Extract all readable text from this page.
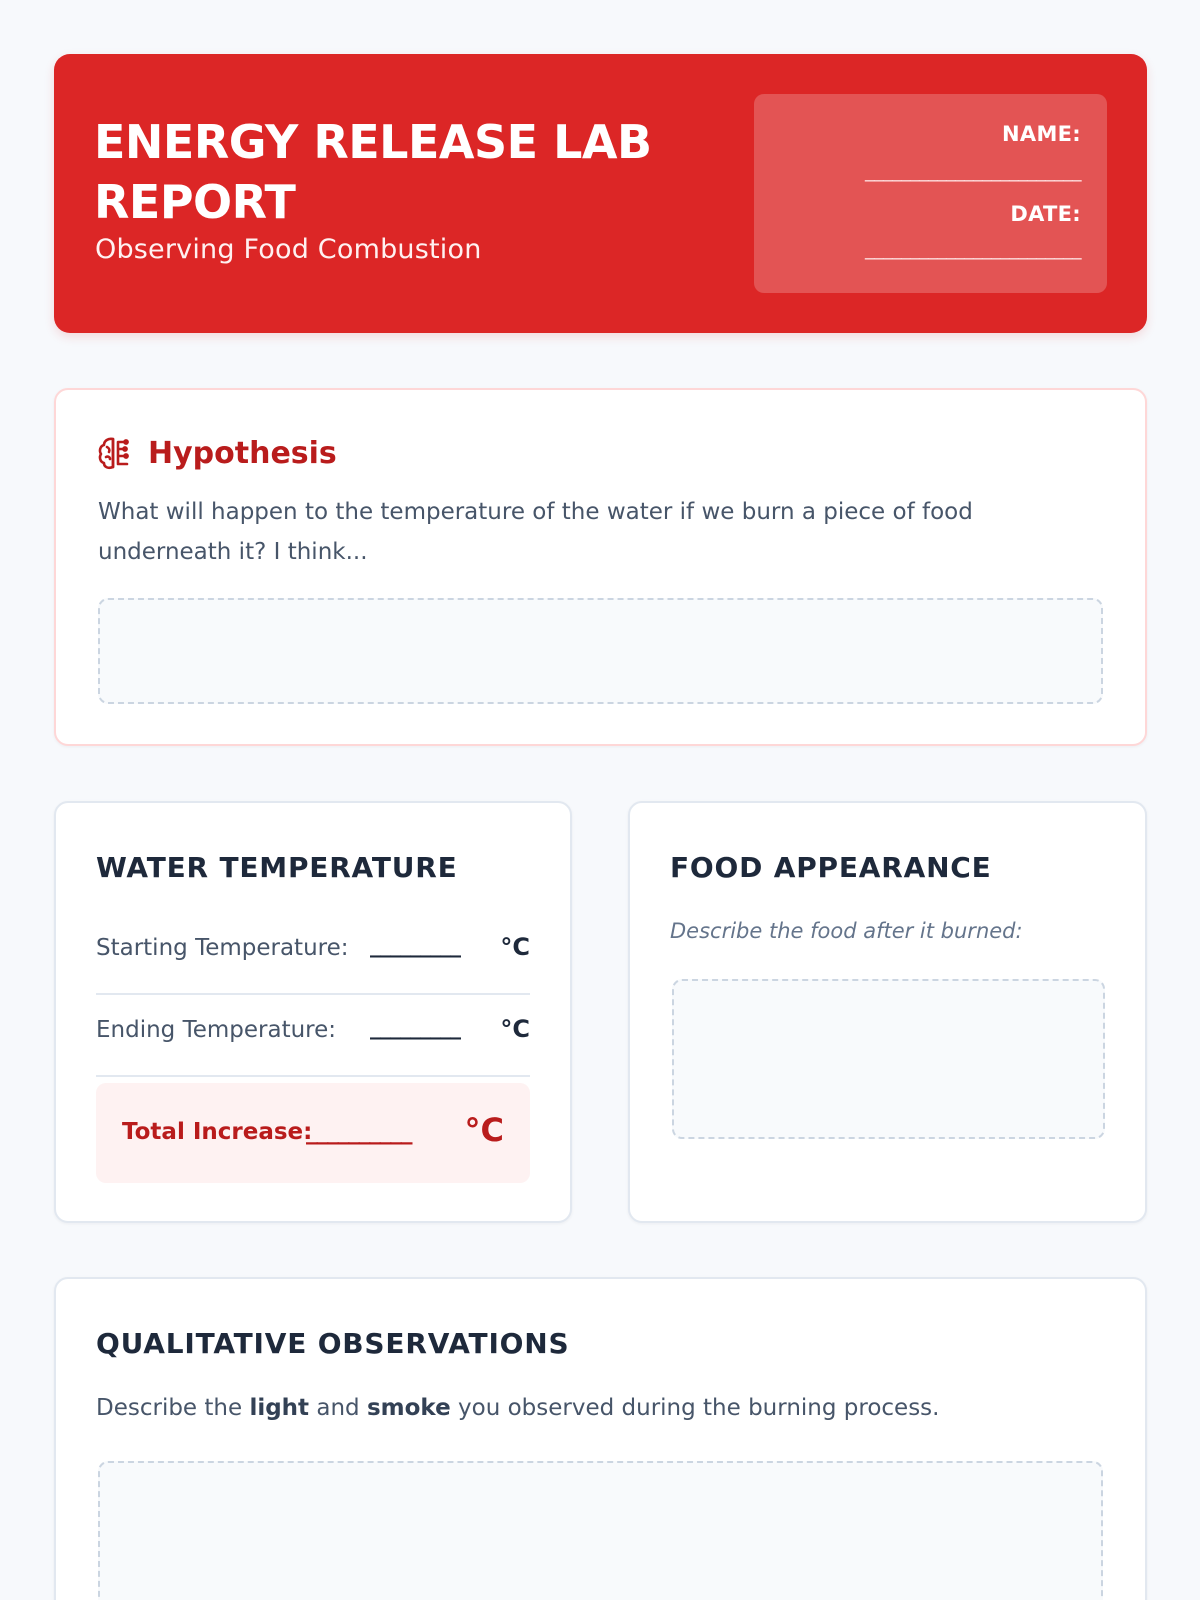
ENERGY RELEASE LAB REPORT
Observing Food Combustion
NAME:
________________________
DATE:
________________________
Hypothesis
What will happen to the temperature of the water if we burn a piece of food underneath it? I think...
WATER TEMPERATURE
Starting Temperature: _________ °C
Ending Temperature: _________ °C
Total Increase:
__________ °C
FOOD APPEARANCE
Describe the food after it burned:
QUALITATIVE OBSERVATIONS
Describe the light and smoke you observed during the burning process.
